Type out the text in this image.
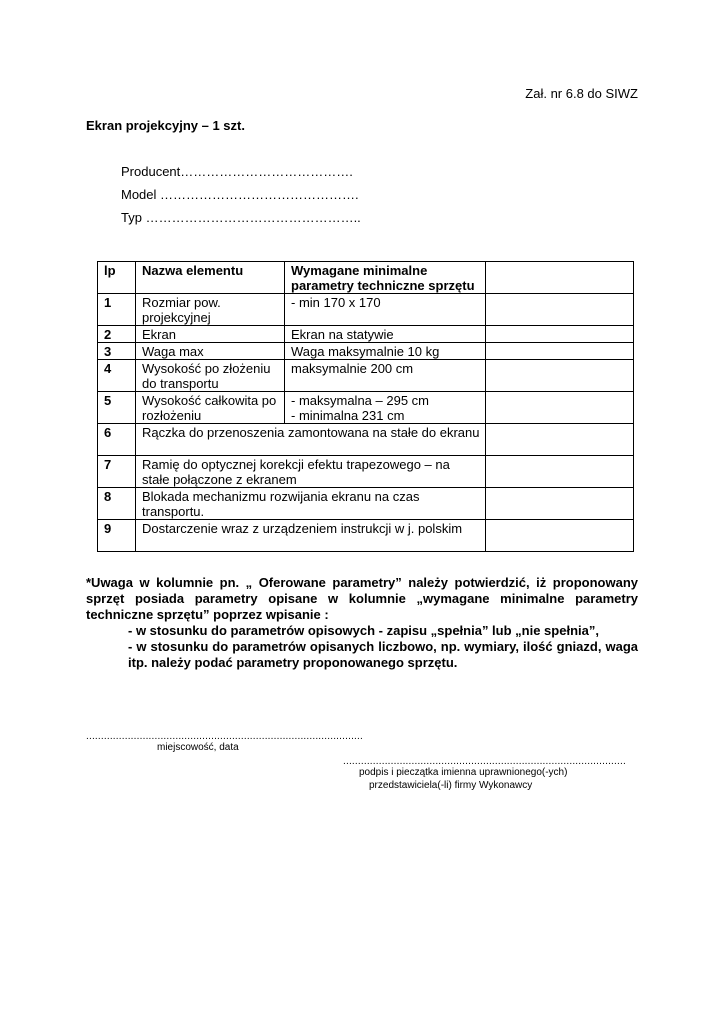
Zał. nr 6.8 do SIWZ
Ekran projekcyjny – 1 szt.
Producent………………………………….
Model ……………………………………….
Typ …………………………………………..
lp	Nazwa elementu	Wymagane minimalne parametry techniczne sprzętu	
1	Rozmiar pow. projekcyjnej	- min 170 x 170	
2	Ekran	Ekran na statywie	
3	Waga max	Waga maksymalnie 10 kg	
4	Wysokość po złożeniu do transportu	maksymalnie 200 cm	
5	Wysokość całkowita po rozłożeniu	- maksymalna – 295 cm
- minimalna 231 cm	

6	Rączka do przenoszenia zamontowana na stałe do ekranu		
7	Ramię do optycznej korekcji efektu trapezowego – na stałe połączone z ekranem		
8	Blokada mechanizmu rozwijania ekranu na czas transportu.		
9	Dostarczenie wraz z urządzeniem instrukcji w j. polskim		

*Uwaga w kolumnie pn. „ Oferowane parametry” należy potwierdzić, iż proponowany sprzęt posiada parametry opisane w kolumnie „wymagane minimalne parametry techniczne sprzętu” poprzez wpisanie :

- w stosunku do parametrów opisowych - zapisu „spełnia” lub „nie spełnia”,

- w stosunku do parametrów opisanych liczbowo, np. wymiary, ilość gniazd, waga itp. należy podać parametry proponowanego sprzętu.

.............................................................................................
miejscowość, data
...............................................................................................
podpis i pieczątka imienna uprawnionego(-ych)
przedstawiciela(-li) firmy Wykonawcy
